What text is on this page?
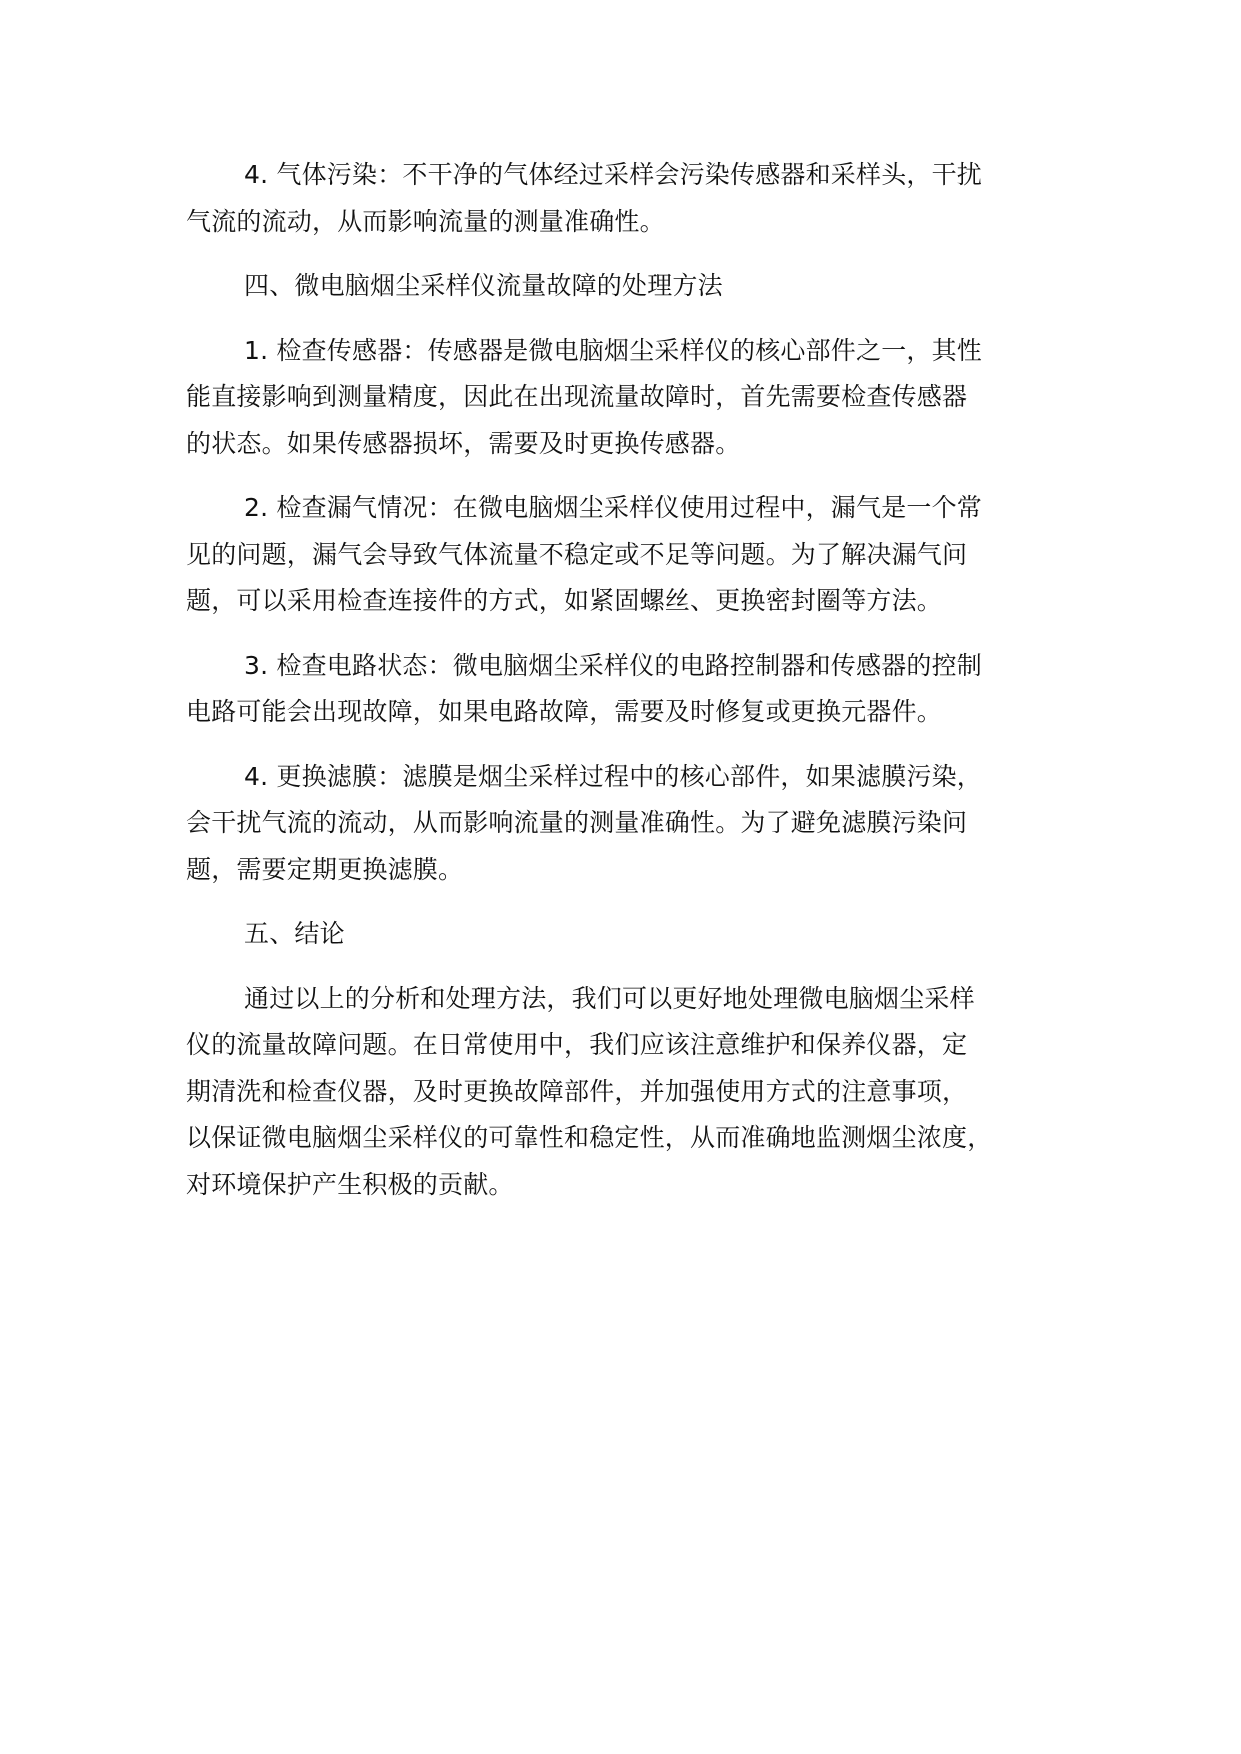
4. 气体污染：不干净的气体经过采样会污染传感器和采样头，干扰
气流的流动，从而影响流量的测量准确性。

四、微电脑烟尘采样仪流量故障的处理方法

1. 检查传感器：传感器是微电脑烟尘采样仪的核心部件之一，其性
能直接影响到测量精度，因此在出现流量故障时，首先需要检查传感器
的状态。如果传感器损坏，需要及时更换传感器。

2. 检查漏气情况：在微电脑烟尘采样仪使用过程中，漏气是一个常
见的问题，漏气会导致气体流量不稳定或不足等问题。为了解决漏气问
题，可以采用检查连接件的方式，如紧固螺丝、更换密封圈等方法。

3. 检查电路状态：微电脑烟尘采样仪的电路控制器和传感器的控制
电路可能会出现故障，如果电路故障，需要及时修复或更换元器件。

4. 更换滤膜：滤膜是烟尘采样过程中的核心部件，如果滤膜污染，
会干扰气流的流动，从而影响流量的测量准确性。为了避免滤膜污染问
题，需要定期更换滤膜。

五、结论

通过以上的分析和处理方法，我们可以更好地处理微电脑烟尘采样
仪的流量故障问题。在日常使用中，我们应该注意维护和保养仪器，定
期清洗和检查仪器，及时更换故障部件，并加强使用方式的注意事项，
以保证微电脑烟尘采样仪的可靠性和稳定性，从而准确地监测烟尘浓度，
对环境保护产生积极的贡献。
